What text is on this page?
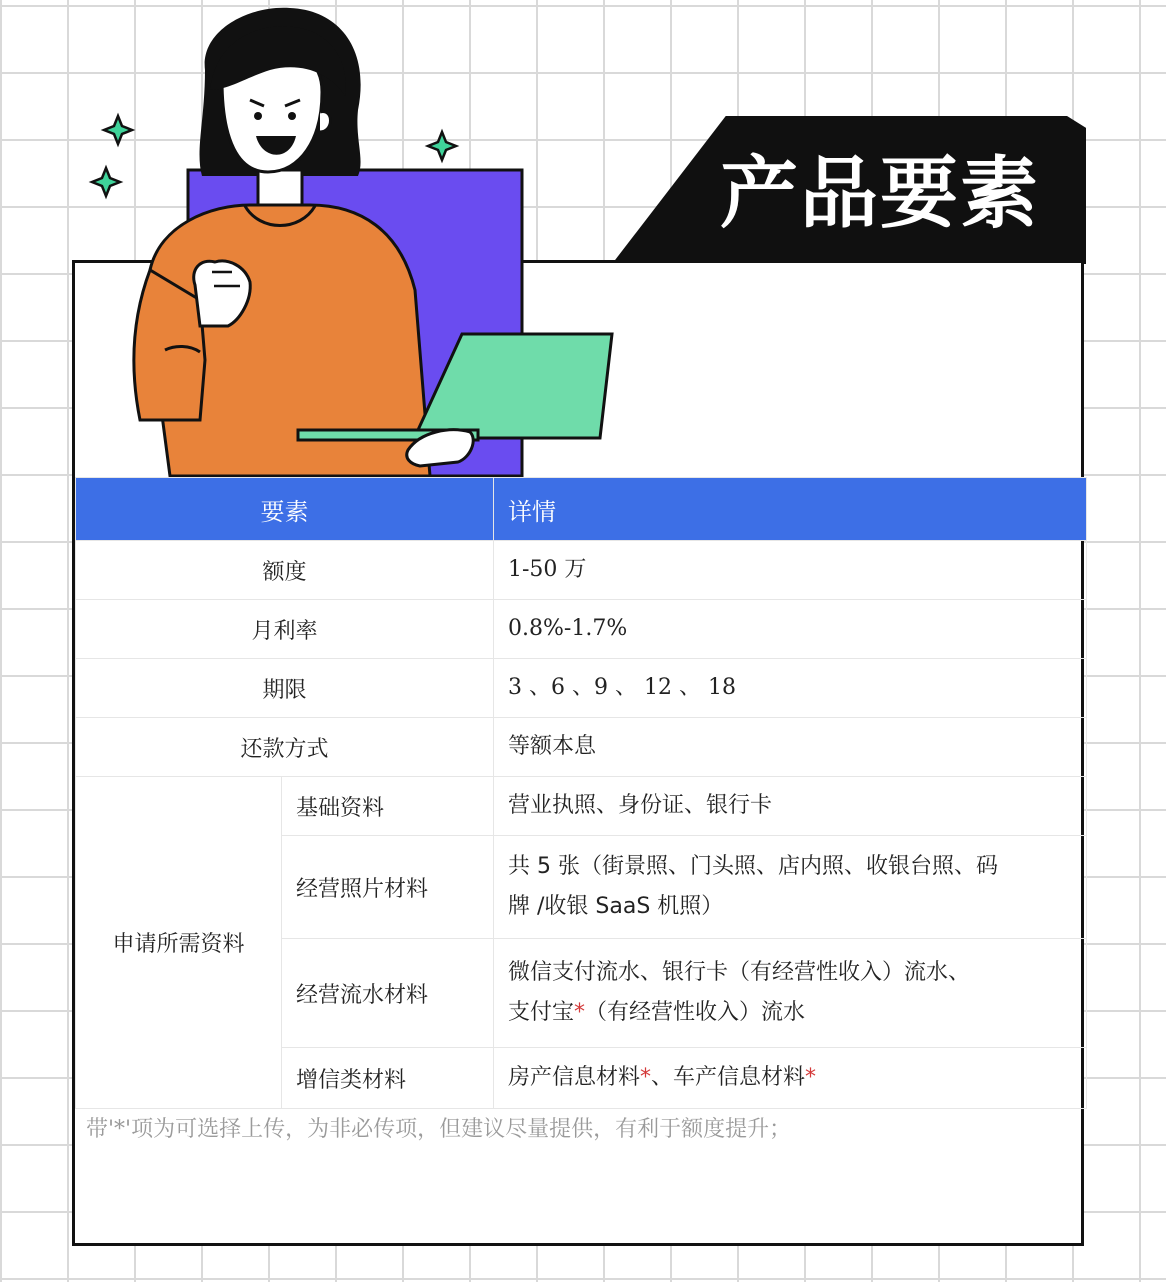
产品要素
要素		详情
额度		1-50 万
月利率		0.8%-1.7%
期限		3 、6 、9 、 12 、 18
还款方式		等额本息
申请所需资料	基础资料	营业执照、身份证、银行卡
	经营照片材料	共 5 张（街景照、门头照、店内照、收银台照、码
牌 /收银 SaaS 机照）

	经营流水材料	微信支付流水、银行卡（有经营性收入）流水、
支付宝*（有经营性收入）流水

	增信类材料	房产信息材料*、车产信息材料*
带'*'项为可选择上传，为非必传项，但建议尽量提供，有利于额度提升；
